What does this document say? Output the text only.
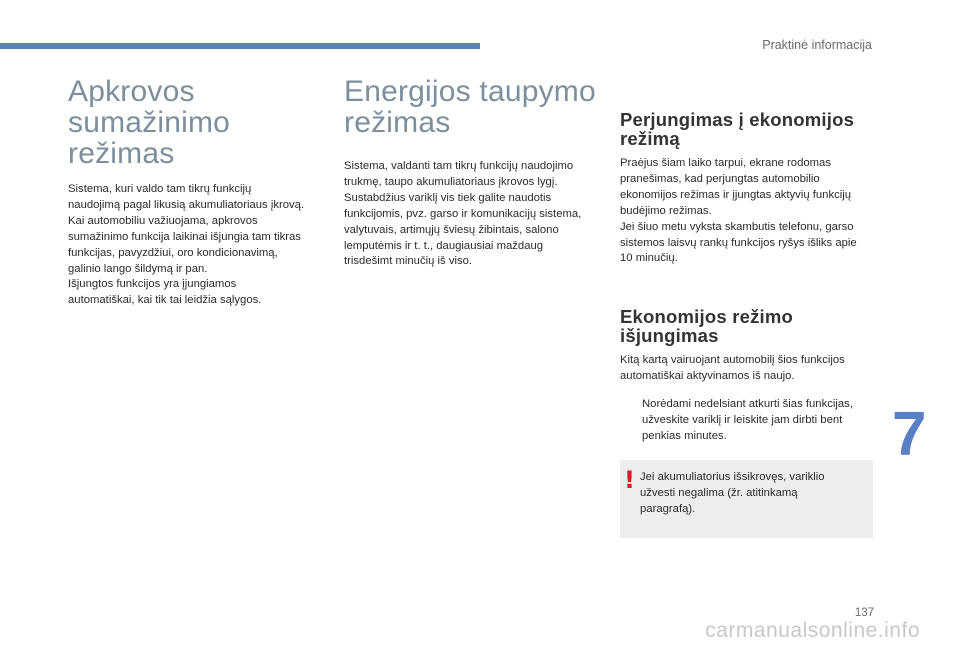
Praktinė informacija
Apkrovos
sumažinimo režimas

Sistema, kuri valdo tam tikrų funkcijų
naudojimą pagal likusią akumuliatoriaus įkrovą.
Kai automobiliu važiuojama, apkrovos
sumažinimo funkcija laikinai išjungia tam tikras
funkcijas, pavyzdžiui, oro kondicionavimą,
galinio lango šildymą ir pan.
Išjungtos funkcijos yra įjungiamos
automatiškai, kai tik tai leidžia sąlygos.

Energijos taupymo režimas

Sistema, valdanti tam tikrų funkcijų naudojimo
trukmę, taupo akumuliatoriaus įkrovos lygį.
Sustabdžius variklį vis tiek galite naudotis
funkcijomis, pvz. garso ir komunikacijų sistema,
valytuvais, artimųjų šviesų žibintais, salono
lemputėmis ir t. t., daugiausiai maždaug
trisdešimt minučių iš viso.

Perjungimas į ekonomijos
režimą

Praėjus šiam laiko tarpui, ekrane rodomas
pranešimas, kad perjungtas automobilio
ekonomijos režimas ir įjungtas aktyvių funkcijų
budėjimo režimas.
Jei šiuo metu vyksta skambutis telefonu, garso
sistemos laisvų rankų funkcijos ryšys išliks apie
10 minučių.

Ekonomijos režimo
išjungimas

Kitą kartą vairuojant automobilį šios funkcijos
automatiškai aktyvinamos iš naujo.

Norėdami nedelsiant atkurti šias funkcijas,
užveskite variklį ir leiskite jam dirbti bent
penkias minutes.

! Jei akumuliatorius išsikrovęs, variklio
užvesti negalima (žr. atitinkamą
paragrafą).

7
137
carmanualsonline.info
